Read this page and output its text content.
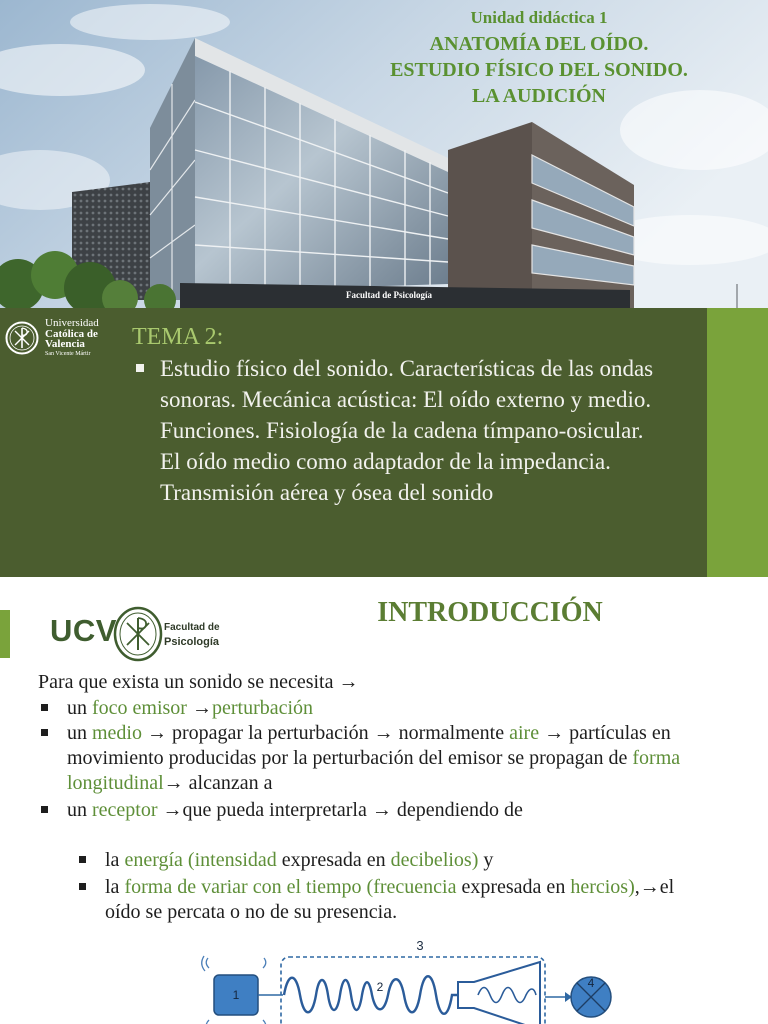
Facultad de Psicología
Unidad didáctica 1
ANATOMÍA DEL OÍDO.
ESTUDIO FÍSICO DEL SONIDO.
LA AUDICIÓN
Universidad
Católica de
Valencia
San Vicente Mártir
TEMA 2:
Estudio físico del sonido. Características de las ondas
sonoras. Mecánica acústica: El oído externo y medio.
Funciones. Fisiología de la cadena tímpano-osicular.
El oído medio como adaptador de la impedancia.
Transmisión aérea y ósea del sonido
UCV	Facultad de
Psicología
INTRODUCCIÓN
Para que exista un sonido se necesita →
un foco emisor →perturbación
un medio → propagar la perturbación → normalmente aire → partículas en
movimiento producidas por la perturbación del emisor se propagan de forma
longitudinal→ alcanzan a
un receptor →que pueda interpretarla → dependiendo de
la energía (intensidad expresada en decibelios) y
la forma de variar con el tiempo (frecuencia expresada en hercios),→el
oído se percata o no de su presencia.
3
1
2	4
